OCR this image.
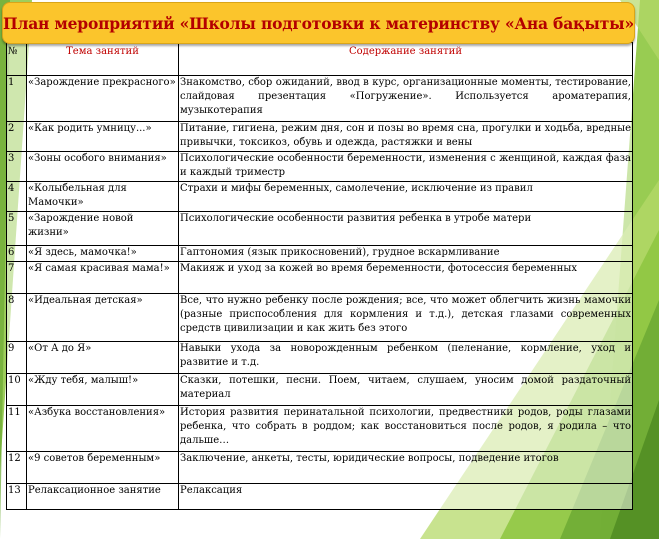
План мероприятий «Школы подготовки к материнству «Ана бақыты»
№	Тема занятий	Содержание занятий
1	«Зарождение прекрасного»	Знакомство, сбор ожиданий, ввод в курс, организационные моменты, тестирование, слайдовая презентация «Погружение». Используется ароматерапия, музыкотерапия
2	«Как родить умницу...»	Питание, гигиена, режим дня, сон и позы во время сна, прогулки и ходьба, вредные привычки, токсикоз, обувь и одежда, растяжки и вены
3	«Зоны особого внимания»	Психологические особенности беременности, изменения с женщиной, каждая фаза и каждый триместр
4	«Колыбельная для Мамочки»	Страхи и мифы беременных, самолечение, исключение из правил
5	«Зарождение новой жизни»	Психологические особенности развития ребенка в утробе матери
6	«Я здесь, мамочка!»	Гаптономия (язык прикосновений), грудное вскармливание
7	«Я самая красивая мама!»	Макияж и уход за кожей во время беременности, фотосессия беременных
8	«Идеальная детская»	Все, что нужно ребенку после рождения; все, что может облегчить жизнь мамочки (разные приспособления для кормления и т.д.), детская глазами современных средств цивилизации и как жить без этого
9	«От А до Я»	Навыки ухода за новорожденным ребенком (пеленание, кормление, уход и развитие и т.д.
10	«Жду тебя, малыш!»	Сказки, потешки, песни. Поем, читаем, слушаем, уносим домой раздаточный материал
11	«Азбука восстановления»	История развития перинатальной психологии, предвестники родов, роды глазами ребенка, что собрать в роддом; как восстановиться после родов, я родила – что дальше…
12	«9 советов беременным»	Заключение, анкеты, тесты, юридические вопросы, подведение итогов
13	Релаксационное занятие	Релаксация
